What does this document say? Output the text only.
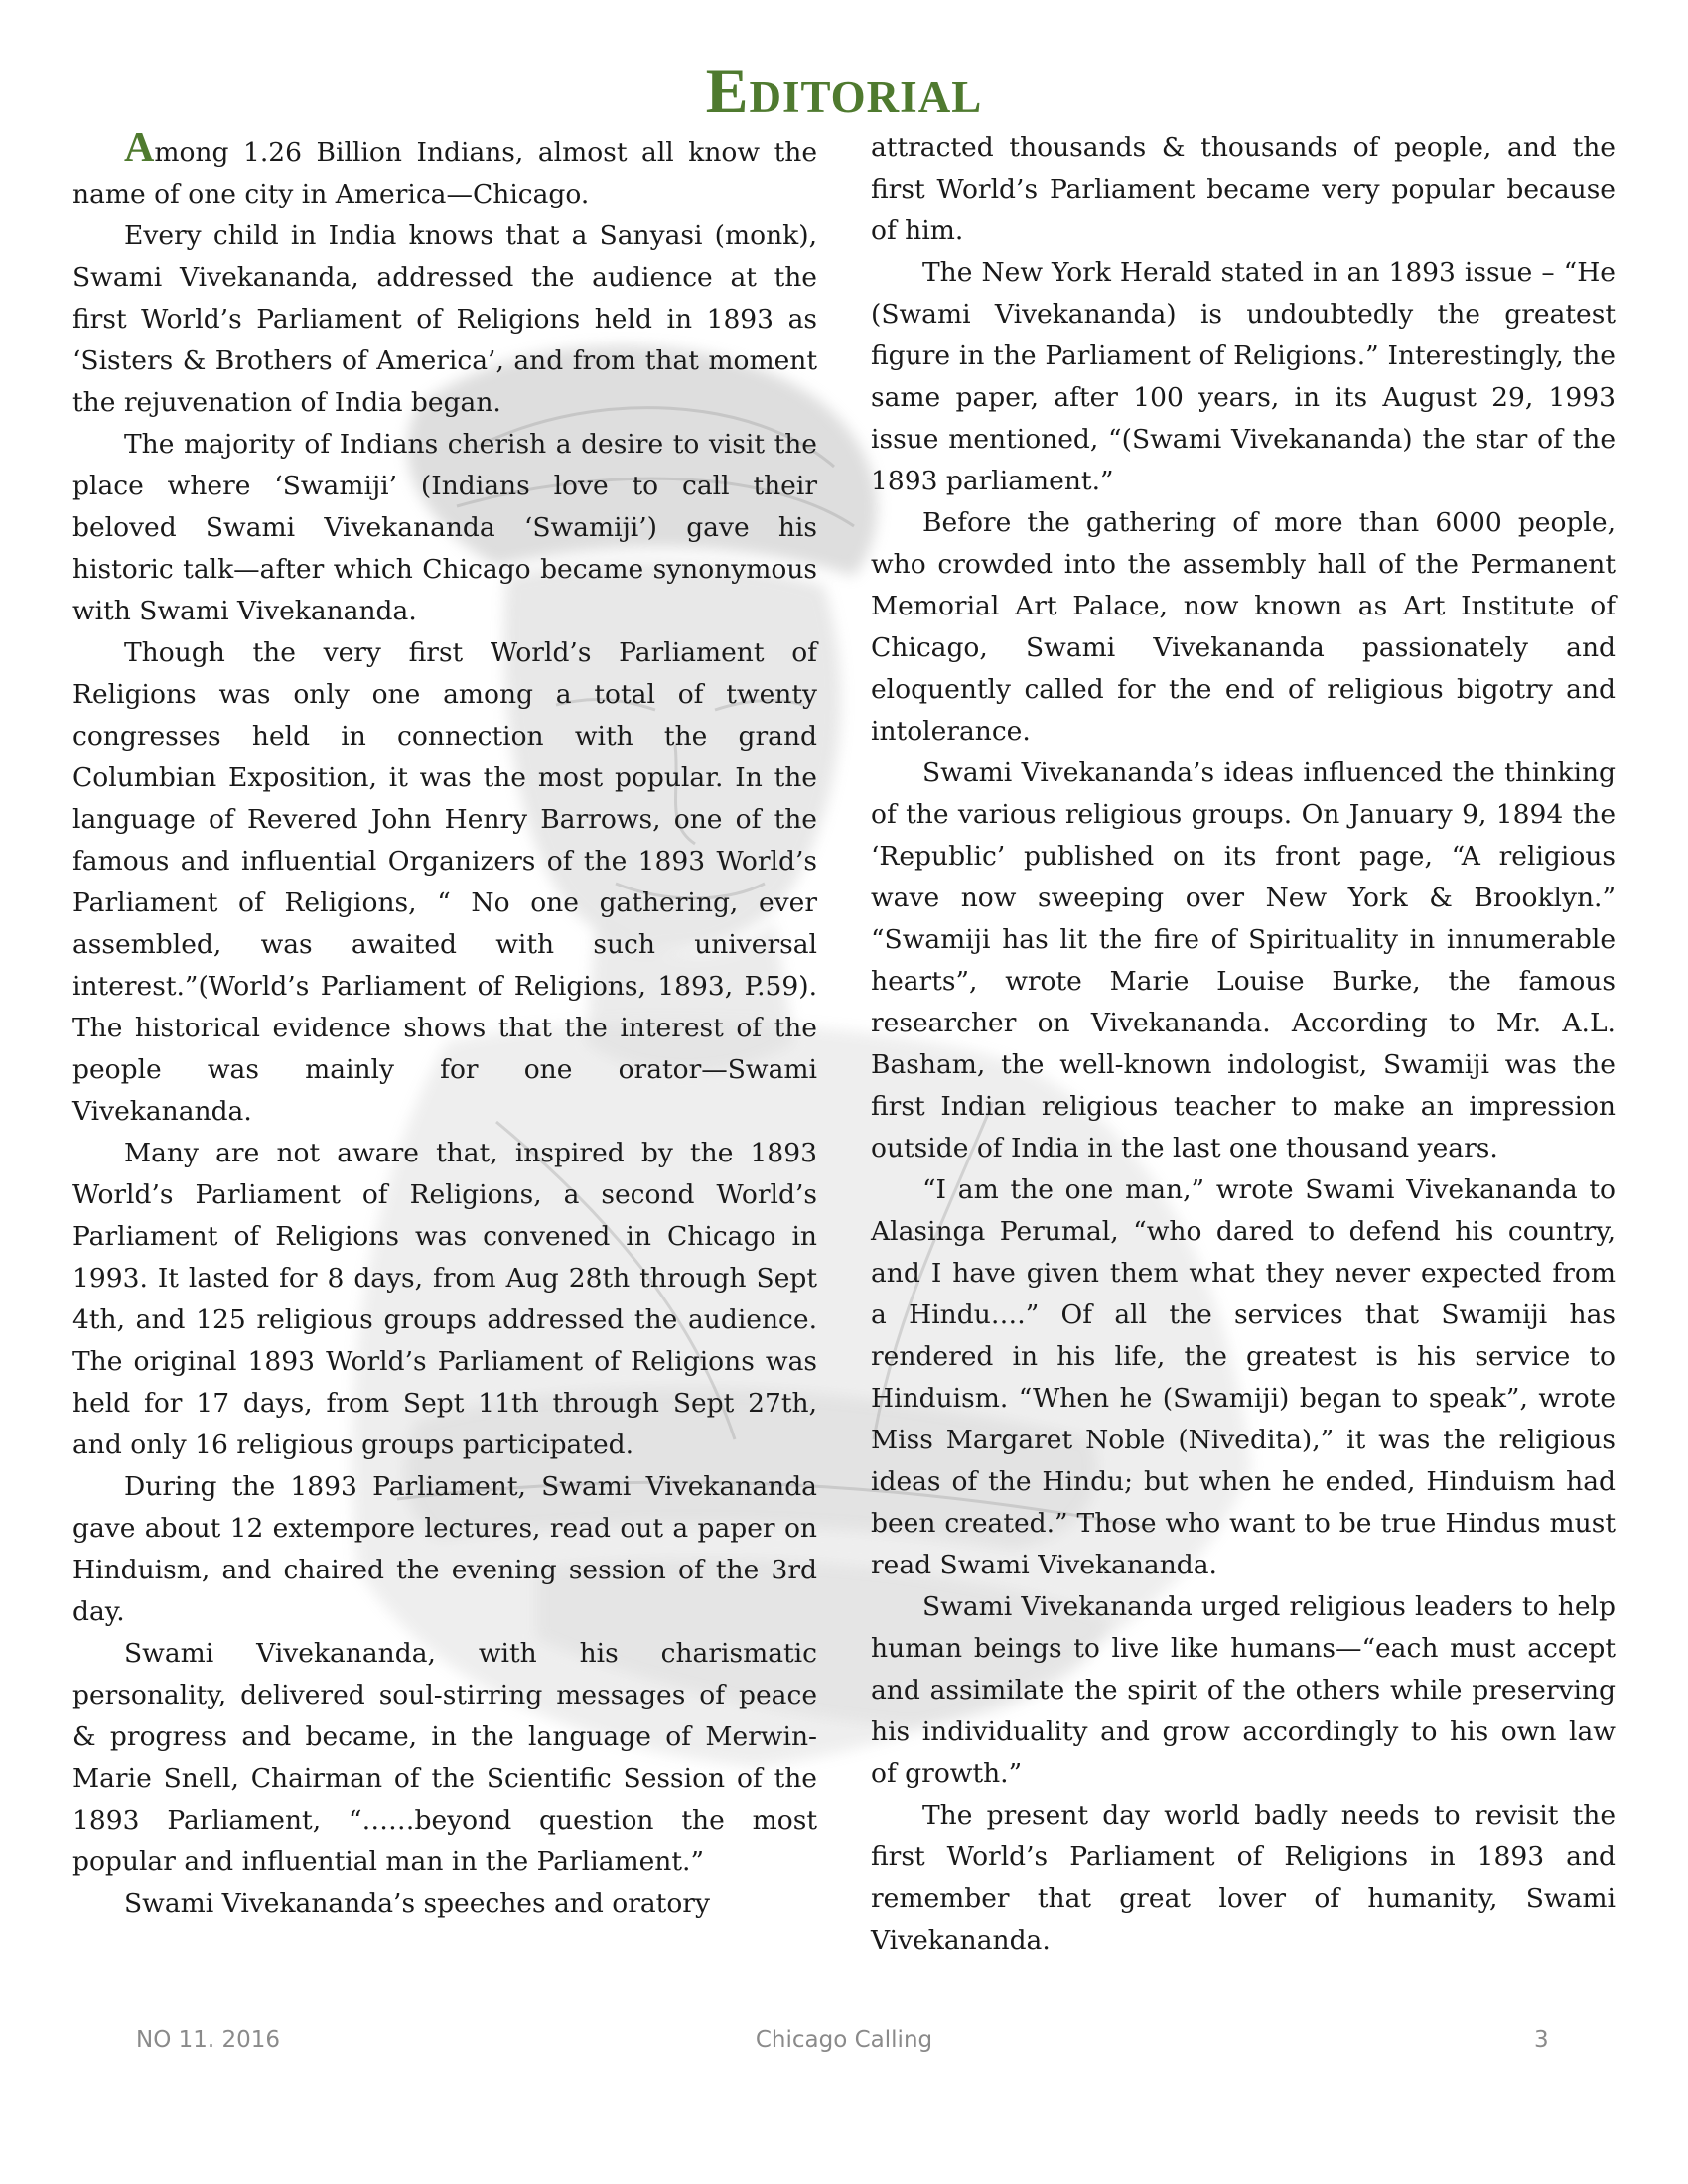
Editorial

Among 1.26 Billion Indians, almost all know the name of one city in America—Chicago.

Every child in India knows that a Sanyasi (monk), Swami Vivekananda, addressed the audience at the first World’s Parliament of Religions held in 1893 as ‘Sisters & Brothers of America’, and from that moment the rejuvenation of India began.

The majority of Indians cherish a desire to visit the place where ‘Swamiji’ (Indians love to call their beloved Swami Vivekananda ‘Swamiji’) gave his historic talk—after which Chicago became synonymous with Swami Vivekananda.

Though the very first World’s Parliament of Religions was only one among a total of twenty congresses held in connection with the grand Columbian Exposition, it was the most popular. In the language of Revered John Henry Barrows, one of the famous and influential Organizers of the 1893 World’s Parliament of Religions, “ No one gathering, ever assembled, was awaited with such universal interest.”(World’s Parliament of Religions, 1893, P.59). The historical evidence shows that the interest of the people was mainly for one orator—Swami Vivekananda.

Many are not aware that, inspired by the 1893 World’s Parliament of Religions, a second World’s Parliament of Religions was convened in Chicago in 1993. It lasted for 8 days, from Aug 28th through Sept 4th, and 125 religious groups addressed the audience. The original 1893 World’s Parliament of Religions was held for 17 days, from Sept 11th through Sept 27th, and only 16 religious groups participated.

During the 1893 Parliament, Swami Vivekananda gave about 12 extempore lectures, read out a paper on Hinduism, and chaired the evening session of the 3rd day.

Swami Vivekananda, with his charismatic personality, delivered soul-stirring messages of peace & progress and became, in the language of Merwin-Marie Snell, Chairman of the Scientific Session of the 1893 Parliament, “……beyond question the most popular and influential man in the Parliament.”

Swami Vivekananda’s speeches and oratory

attracted thousands & thousands of people, and the first World’s Parliament became very popular because of him.

The New York Herald stated in an 1893 issue – “He (Swami Vivekananda) is undoubtedly the greatest figure in the Parliament of Religions.” Interestingly, the same paper, after 100 years, in its August 29, 1993 issue mentioned, “(Swami Vivekananda) the star of the 1893 parliament.”

Before the gathering of more than 6000 people, who crowded into the assembly hall of the Permanent Memorial Art Palace, now known as Art Institute of Chicago, Swami Vivekananda passionately and eloquently called for the end of religious bigotry and intolerance.

Swami Vivekananda’s ideas influenced the thinking of the various religious groups. On January 9, 1894 the ‘Republic’ published on its front page, “A religious wave now sweeping over New York & Brooklyn.” “Swamiji has lit the fire of Spirituality in innumerable hearts”, wrote Marie Louise Burke, the famous researcher on Vivekananda. According to Mr. A.L. Basham, the well-known indologist, Swamiji was the first Indian religious teacher to make an impression outside of India in the last one thousand years.

“I am the one man,” wrote Swami Vivekananda to Alasinga Perumal, “who dared to defend his country, and I have given them what they never expected from a Hindu….” Of all the services that Swamiji has rendered in his life, the greatest is his service to Hinduism. “When he (Swamiji) began to speak”, wrote Miss Margaret Noble (Nivedita),” it was the religious ideas of the Hindu; but when he ended, Hinduism had been created.” Those who want to be true Hindus must read Swami Vivekananda.

Swami Vivekananda urged religious leaders to help human beings to live like humans—“each must accept and assimilate the spirit of the others while preserving his individuality and grow accordingly to his own law of growth.”

The present day world badly needs to revisit the first World’s Parliament of Religions in 1893 and remember that great lover of humanity, Swami Vivekananda.

NO 11. 2016	Chicago Calling	3
